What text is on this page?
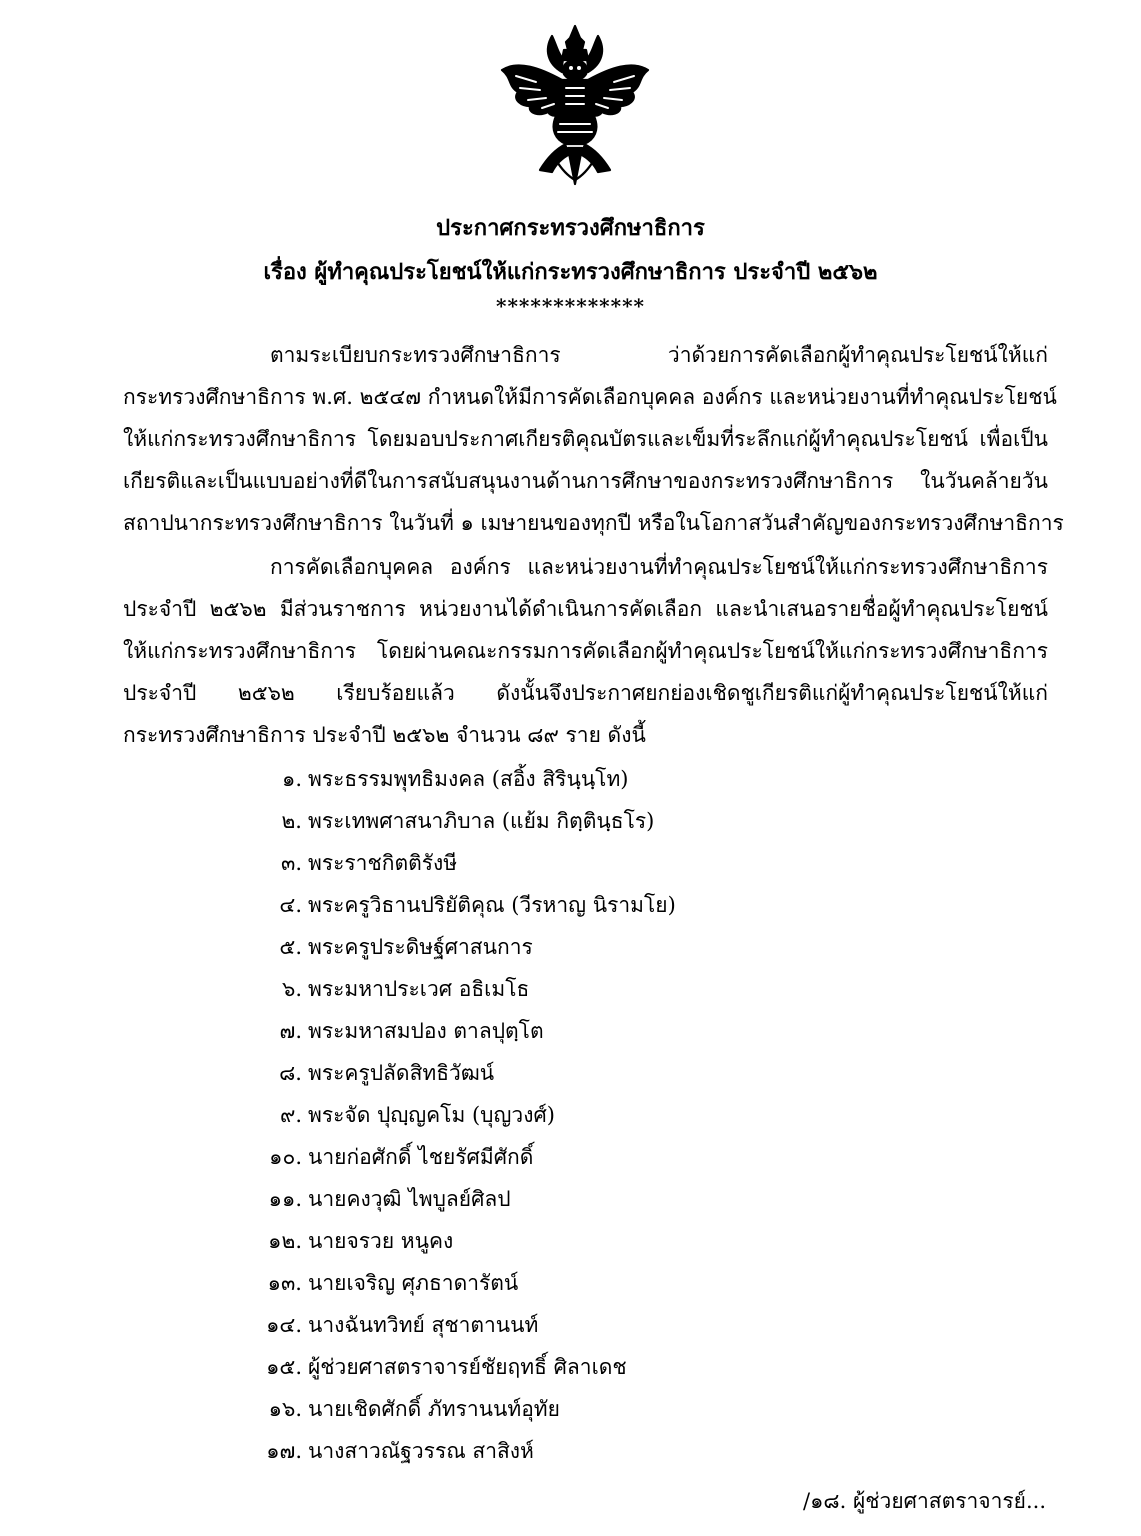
ประกาศกระทรวงศึกษาธิการ
เรื่อง ผู้ทำคุณประโยชน์ให้แก่กระทรวงศึกษาธิการ ประจำปี ๒๕๖๒
*************
ตามระเบียบกระทรวงศึกษาธิการ ว่าด้วยการคัดเลือกผู้ทำคุณประโยชน์ให้แก่
กระทรวงศึกษาธิการ พ.ศ. ๒๕๔๗ กำหนดให้มีการคัดเลือกบุคคล องค์กร และหน่วยงานที่ทำคุณประโยชน์
ให้แก่กระทรวงศึกษาธิการ โดยมอบประกาศเกียรติคุณบัตรและเข็มที่ระลึกแก่ผู้ทำคุณประโยชน์ เพื่อเป็น
เกียรติและเป็นแบบอย่างที่ดีในการสนับสนุนงานด้านการศึกษาของกระทรวงศึกษาธิการ ในวันคล้ายวัน
สถาปนากระทรวงศึกษาธิการ ในวันที่ ๑ เมษายนของทุกปี หรือในโอกาสวันสำคัญของกระทรวงศึกษาธิการ
การคัดเลือกบุคคล องค์กร และหน่วยงานที่ทำคุณประโยชน์ให้แก่กระทรวงศึกษาธิการ
ประจำปี ๒๕๖๒ มีส่วนราชการ หน่วยงานได้ดำเนินการคัดเลือก และนำเสนอรายชื่อผู้ทำคุณประโยชน์
ให้แก่กระทรวงศึกษาธิการ โดยผ่านคณะกรรมการคัดเลือกผู้ทำคุณประโยชน์ให้แก่กระทรวงศึกษาธิการ
ประจำปี ๒๕๖๒ เรียบร้อยแล้ว ดังนั้นจึงประกาศยกย่องเชิดชูเกียรติแก่ผู้ทำคุณประโยชน์ให้แก่
กระทรวงศึกษาธิการ ประจำปี ๒๕๖๒ จำนวน ๘๙ ราย ดังนี้
๑. พระธรรมพุทธิมงคล (สอิ้ง สิรินฺนฺโท)
๒. พระเทพศาสนาภิบาล (แย้ม กิตฺตินฺธโร)
๓. พระราชกิตติรังษี
๔. พระครูวิธานปริยัติคุณ (วีรหาญ นิรามโย)
๕. พระครูประดิษฐ์ศาสนการ
๖. พระมหาประเวศ อธิเมโธ
๗. พระมหาสมปอง ตาลปุตฺโต
๘. พระครูปลัดสิทธิวัฒน์
๙. พระจัด ปุญฺญคโม (บุญวงศ์)
๑๐. นายก่อศักดิ์ ไชยรัศมีศักดิ์
๑๑. นายคงวุฒิ ไพบูลย์ศิลป
๑๒. นายจรวย หนูคง
๑๓. นายเจริญ ศุภธาดารัตน์
๑๔. นางฉันทวิทย์ สุชาตานนท์
๑๕. ผู้ช่วยศาสตราจารย์ชัยฤทธิ์ ศิลาเดช
๑๖. นายเชิดศักดิ์ ภัทรานนท์อุทัย
๑๗. นางสาวณัฐวรรณ สาสิงห์
/๑๘. ผู้ช่วยศาสตราจารย์...
